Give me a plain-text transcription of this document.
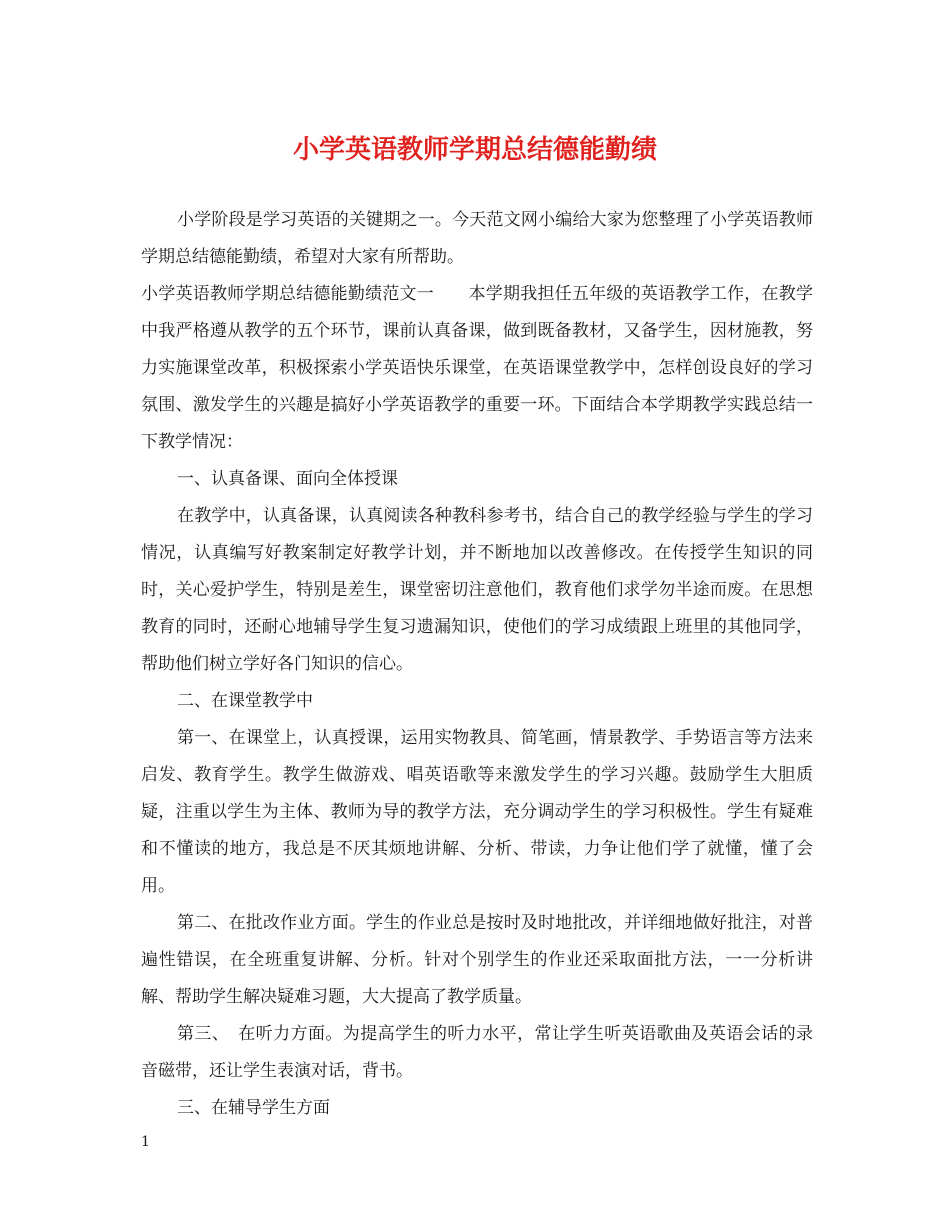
小学英语教师学期总结德能勤绩

小学阶段是学习英语的关键期之一。今天范文网小编给大家为您整理了小学英语教师学期总结德能勤绩，希望对大家有所帮助。

小学英语教师学期总结德能勤绩范文一　　本学期我担任五年级的英语教学工作，在教学中我严格遵从教学的五个环节，课前认真备课，做到既备教材，又备学生，因材施教，努力实施课堂改革，积极探索小学英语快乐课堂，在英语课堂教学中，怎样创设良好的学习氛围、激发学生的兴趣是搞好小学英语教学的重要一环。下面结合本学期教学实践总结一下教学情况：

一、认真备课、面向全体授课

在教学中，认真备课，认真阅读各种教科参考书，结合自己的教学经验与学生的学习情况，认真编写好教案制定好教学计划，并不断地加以改善修改。在传授学生知识的同时，关心爱护学生，特别是差生，课堂密切注意他们，教育他们求学勿半途而废。在思想教育的同时，还耐心地辅导学生复习遗漏知识，使他们的学习成绩跟上班里的其他同学，帮助他们树立学好各门知识的信心。

二、在课堂教学中

第一、在课堂上，认真授课，运用实物教具、简笔画，情景教学、手势语言等方法来启发、教育学生。教学生做游戏、唱英语歌等来激发学生的学习兴趣。鼓励学生大胆质疑，注重以学生为主体、教师为导的教学方法，充分调动学生的学习积极性。学生有疑难和不懂读的地方，我总是不厌其烦地讲解、分析、带读，力争让他们学了就懂，懂了会用。

第二、在批改作业方面。学生的作业总是按时及时地批改，并详细地做好批注，对普遍性错误，在全班重复讲解、分析。针对个别学生的作业还采取面批方法，一一分析讲解、帮助学生解决疑难习题，大大提高了教学质量。

第三、　在听力方面。为提高学生的听力水平，常让学生听英语歌曲及英语会话的录音磁带，还让学生表演对话，背书。

三、在辅导学生方面

1
